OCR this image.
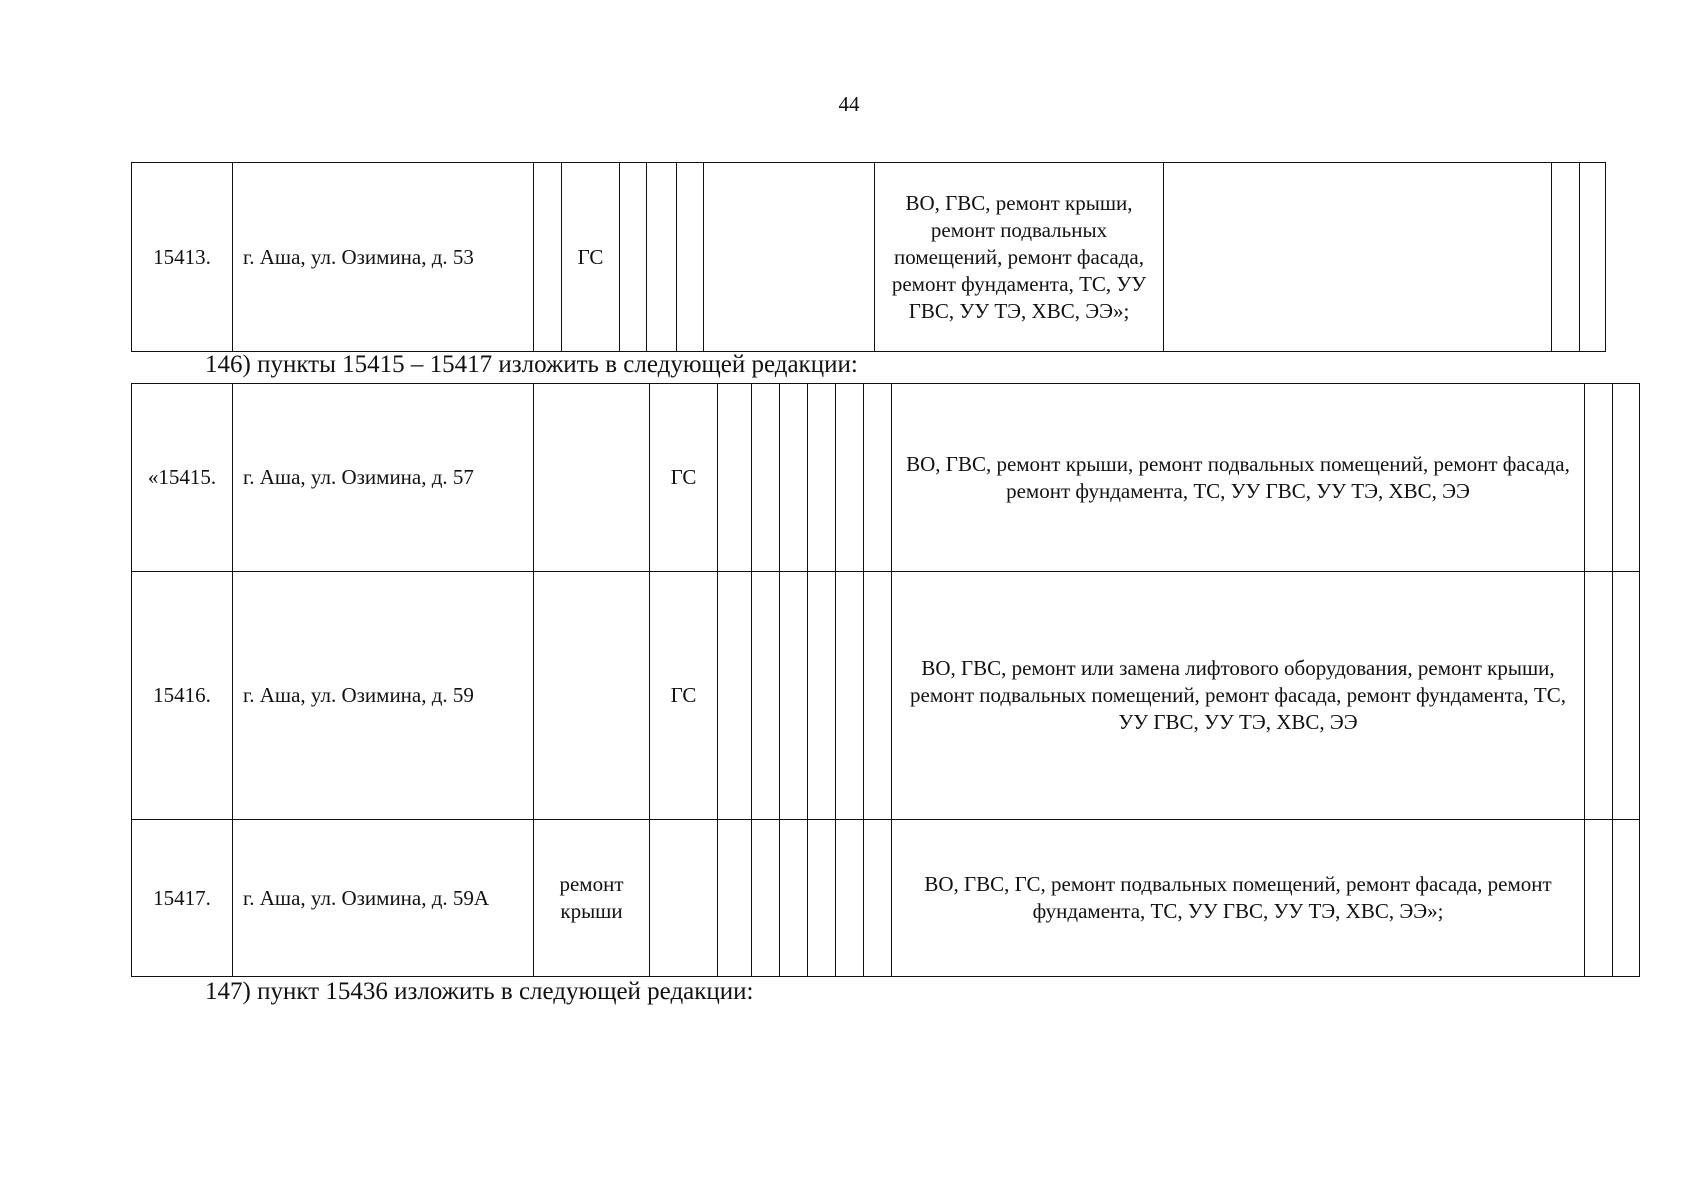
44
15413.	г. Аша, ул. Озимина, д. 53		ГС					ВО, ГВС, ремонт крыши, ремонт подвальных помещений, ремонт фасада, ремонт фундамента, ТС, УУ ГВС, УУ ТЭ, ХВС, ЭЭ»;			
146) пункты 15415 – 15417 изложить в следующей редакции:
«15415.	г. Аша, ул. Озимина, д. 57		ГС							ВО, ГВС, ремонт крыши, ремонт подвальных помещений, ремонт фасада, ремонт фундамента, ТС, УУ ГВС, УУ ТЭ, ХВС, ЭЭ		
15416.	г. Аша, ул. Озимина, д. 59		ГС							ВО, ГВС, ремонт или замена лифтового оборудования, ремонт крыши, ремонт подвальных помещений, ремонт фасада, ремонт фундамента, ТС, УУ ГВС, УУ ТЭ, ХВС, ЭЭ		
15417.	г. Аша, ул. Озимина, д. 59А	ремонт крыши								ВО, ГВС, ГС, ремонт подвальных помещений, ремонт фасада, ремонт фундамента, ТС, УУ ГВС, УУ ТЭ, ХВС, ЭЭ»;		
147) пункт 15436 изложить в следующей редакции:
